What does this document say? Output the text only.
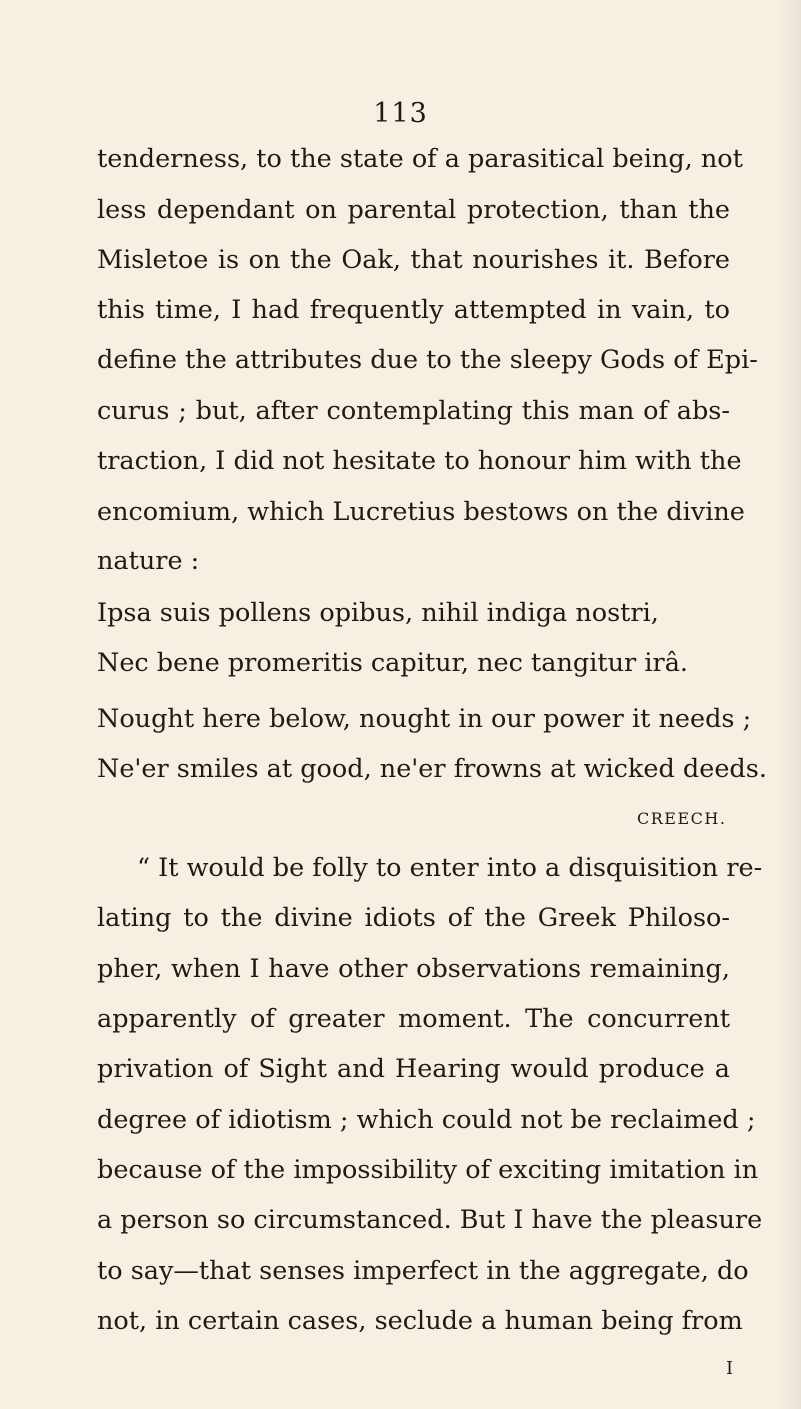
113
tenderness, to the state of a parasitical being, not
less dependant on parental protection, than the
Misletoe is on the Oak, that nourishes it. Before
this time, I had frequently attempted in vain, to
define the attributes due to the sleepy Gods of Epi-
curus ; but, after contemplating this man of abs-
traction, I did not hesitate to honour him with the
encomium, which Lucretius bestows on the divine
nature :
Ipsa suis pollens opibus, nihil indiga nostri,
Nec bene promeritis capitur, nec tangitur irâ.
Nought here below, nought in our power it needs ;
Ne'er smiles at good, ne'er frowns at wicked deeds.
CREECH.
“ It would be folly to enter into a disquisition re-
lating to the divine idiots of the Greek Philoso-
pher, when I have other observations remaining,
apparently of greater moment. The concurrent
privation of Sight and Hearing would produce a
degree of idiotism ; which could not be reclaimed ;
because of the impossibility of exciting imitation in
a person so circumstanced. But I have the pleasure
to say—that senses imperfect in the aggregate, do
not, in certain cases, seclude a human being from
I
